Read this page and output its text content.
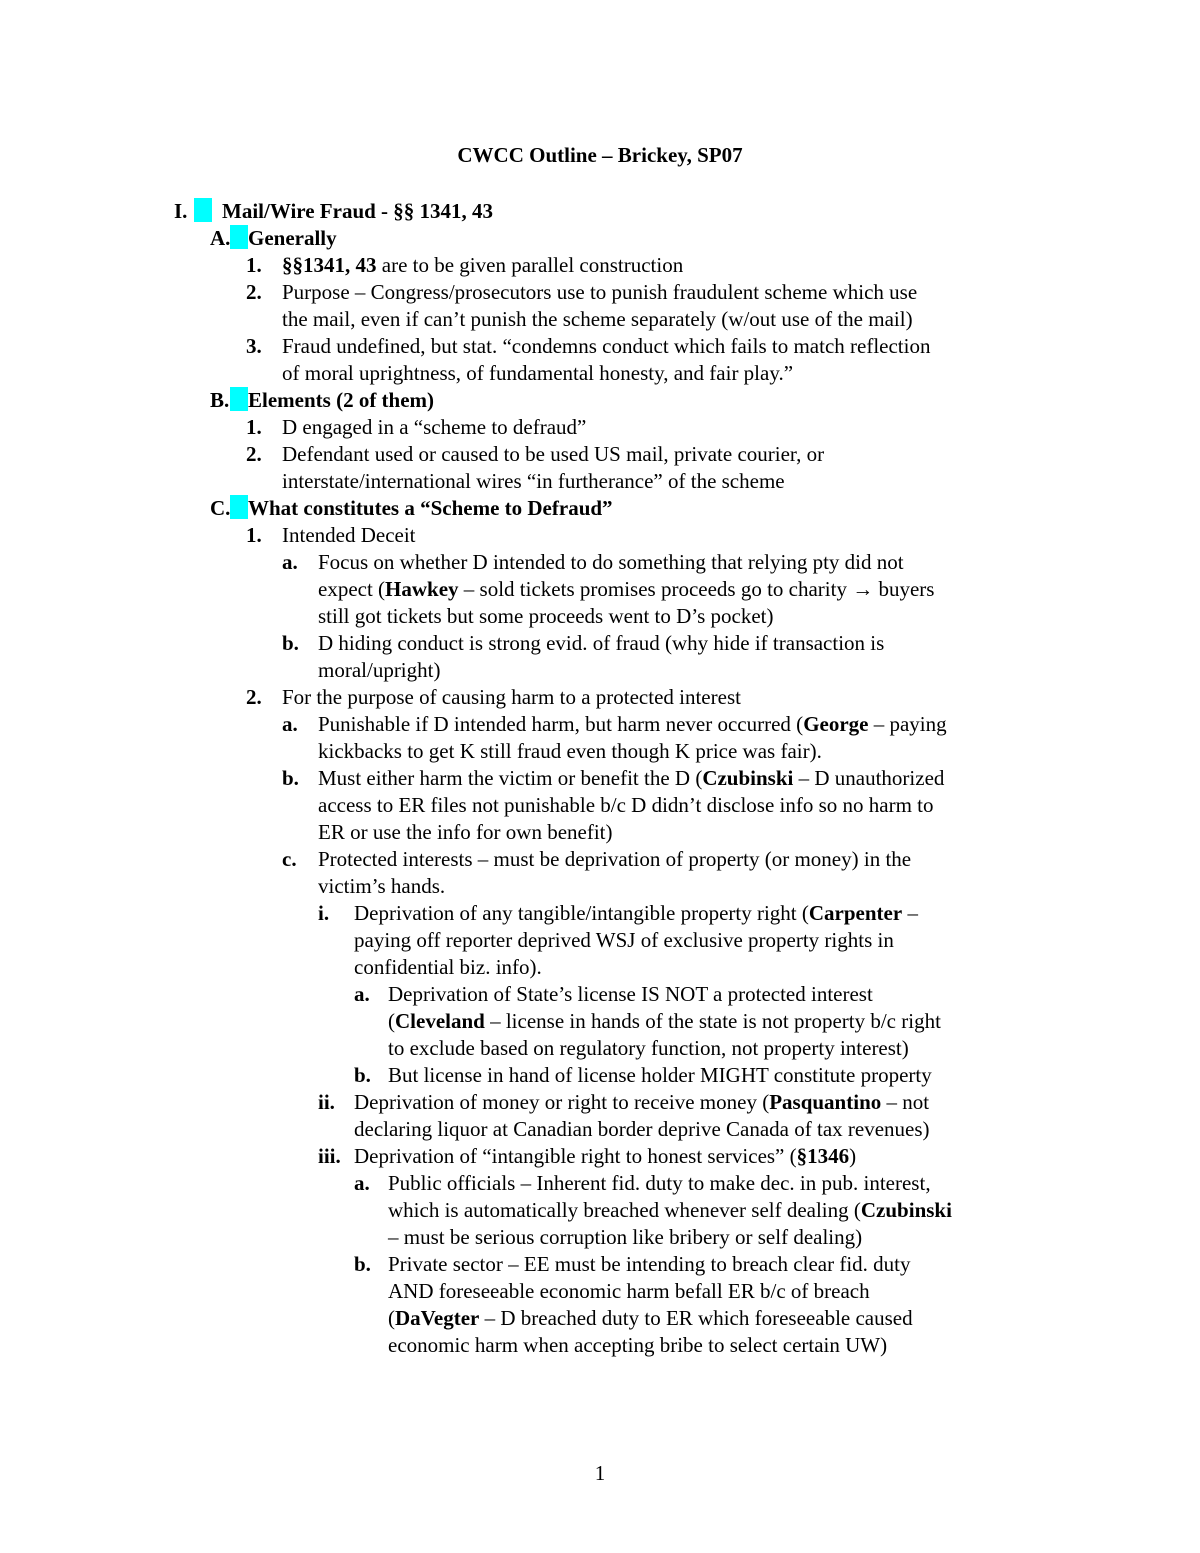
CWCC Outline – Brickey, SP07
I. Mail/Wire Fraud - §§ 1341, 43
A. Generally
1. §§1341, 43 are to be given parallel construction
2. Purpose – Congress/prosecutors use to punish fraudulent scheme which use
the mail, even if can’t punish the scheme separately (w/out use of the mail)
3. Fraud undefined, but stat. “condemns conduct which fails to match reflection
of moral uprightness, of fundamental honesty, and fair play.”
B. Elements (2 of them)
1. D engaged in a “scheme to defraud”
2. Defendant used or caused to be used US mail, private courier, or
interstate/international wires “in furtherance” of the scheme
C. What constitutes a “Scheme to Defraud”
1. Intended Deceit
a. Focus on whether D intended to do something that relying pty did not
expect (Hawkey – sold tickets promises proceeds go to charity → buyers
still got tickets but some proceeds went to D’s pocket)
b. D hiding conduct is strong evid. of fraud (why hide if transaction is
moral/upright)
2. For the purpose of causing harm to a protected interest
a. Punishable if D intended harm, but harm never occurred (George – paying
kickbacks to get K still fraud even though K price was fair).
b. Must either harm the victim or benefit the D (Czubinski – D unauthorized
access to ER files not punishable b/c D didn’t disclose info so no harm to
ER or use the info for own benefit)
c. Protected interests – must be deprivation of property (or money) in the
victim’s hands.
i. Deprivation of any tangible/intangible property right (Carpenter –
paying off reporter deprived WSJ of exclusive property rights in
confidential biz. info).
a. Deprivation of State’s license IS NOT a protected interest
(Cleveland – license in hands of the state is not property b/c right
to exclude based on regulatory function, not property interest)
b. But license in hand of license holder MIGHT constitute property
ii. Deprivation of money or right to receive money (Pasquantino – not
declaring liquor at Canadian border deprive Canada of tax revenues)
iii. Deprivation of “intangible right to honest services” (§1346)
a. Public officials – Inherent fid. duty to make dec. in pub. interest,
which is automatically breached whenever self dealing (Czubinski
– must be serious corruption like bribery or self dealing)
b. Private sector – EE must be intending to breach clear fid. duty
AND foreseeable economic harm befall ER b/c of breach
(DaVegter – D breached duty to ER which foreseeable caused
economic harm when accepting bribe to select certain UW)
1
